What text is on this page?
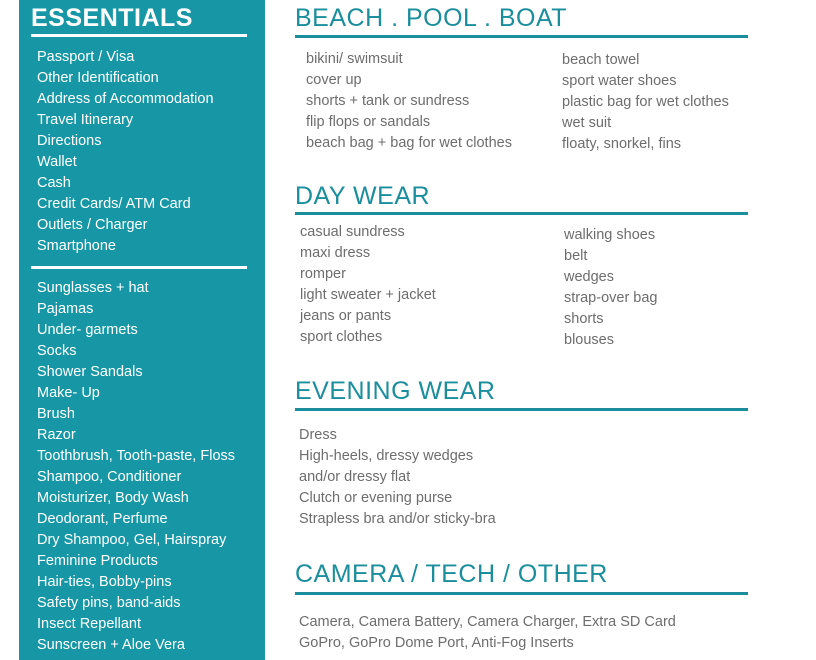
ESSENTIALS
Passport / Visa
Other Identification
Address of Accommodation
Travel Itinerary
Directions
Wallet
Cash
Credit Cards/ ATM Card
Outlets / Charger
Smartphone
Sunglasses + hat
Pajamas
Under- garmets
Socks
Shower Sandals
Make- Up
Brush
Razor
Toothbrush, Tooth-paste, Floss
Shampoo, Conditioner
Moisturizer, Body Wash
Deodorant, Perfume
Dry Shampoo, Gel, Hairspray
Feminine Products
Hair-ties, Bobby-pins
Safety pins, band-aids
Insect Repellant
Sunscreen + Aloe Vera
BEACH . POOL . BOAT
bikini/ swimsuit
cover up
shorts + tank or sundress
flip flops or sandals
beach bag + bag for wet clothes
beach towel
sport water shoes
plastic bag for wet clothes
wet suit
floaty, snorkel, fins
DAY WEAR
casual sundress
maxi dress
romper
light sweater + jacket
jeans or pants
sport clothes
walking shoes
belt
wedges
strap-over bag
shorts
blouses
EVENING WEAR
Dress
High-heels, dressy wedges
and/or dressy flat
Clutch or evening purse
Strapless bra and/or sticky-bra
CAMERA / TECH / OTHER
Camera, Camera Battery, Camera Charger, Extra SD Card
GoPro, GoPro Dome Port, Anti-Fog Inserts
